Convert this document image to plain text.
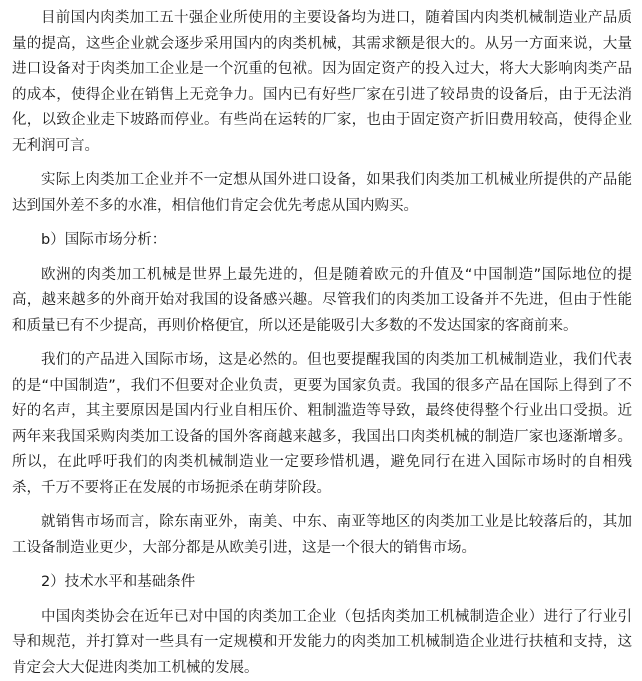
目前国内肉类加工五十强企业所使用的主要设备均为进口，随着国内肉类机械制造业产品质量的提高，这些企业就会逐步采用国内的肉类机械，其需求额是很大的。从另一方面来说，大量进口设备对于肉类加工企业是一个沉重的包袱。因为固定资产的投入过大，将大大影响肉类产品的成本，使得企业在销售上无竞争力。国内已有好些厂家在引进了较昂贵的设备后，由于无法消化，以致企业走下坡路而停业。有些尚在运转的厂家，也由于固定资产折旧费用较高，使得企业无利润可言。

实际上肉类加工企业并不一定想从国外进口设备，如果我们肉类加工机械业所提供的产品能达到国外差不多的水准，相信他们肯定会优先考虑从国内购买。

b）国际市场分析：

欧洲的肉类加工机械是世界上最先进的，但是随着欧元的升值及“中国制造”国际地位的提高，越来越多的外商开始对我国的设备感兴趣。尽管我们的肉类加工设备并不先进，但由于性能和质量已有不少提高，再则价格便宜，所以还是能吸引大多数的不发达国家的客商前来。

我们的产品进入国际市场，这是必然的。但也要提醒我国的肉类加工机械制造业，我们代表的是“中国制造”，我们不但要对企业负责，更要为国家负责。我国的很多产品在国际上得到了不好的名声，其主要原因是国内行业自相压价、粗制滥造等导致，最终使得整个行业出口受损。近两年来我国采购肉类加工设备的国外客商越来越多，我国出口肉类机械的制造厂家也逐渐增多。所以，在此呼吁我们的肉类机械制造业一定要珍惜机遇，避免同行在进入国际市场时的自相残杀，千万不要将正在发展的市场扼杀在萌芽阶段。

就销售市场而言，除东南亚外，南美、中东、南亚等地区的肉类加工业是比较落后的，其加工设备制造业更少，大部分都是从欧美引进，这是一个很大的销售市场。

2）技术水平和基础条件

中国肉类协会在近年已对中国的肉类加工企业（包括肉类加工机械制造企业）进行了行业引导和规范，并打算对一些具有一定规模和开发能力的肉类加工机械制造企业进行扶植和支持，这肯定会大大促进肉类加工机械的发展。
